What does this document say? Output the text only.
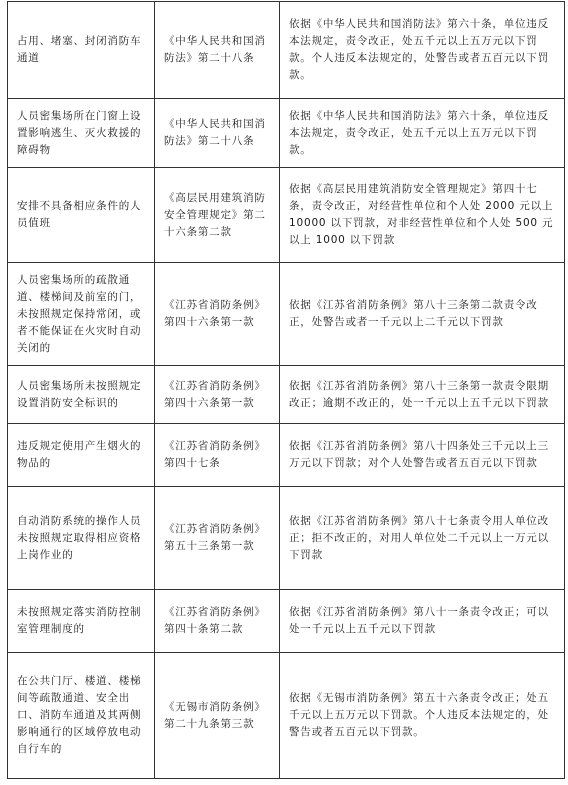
占用、堵塞、封闭消防车通道	《中华人民共和国消防法》第二十八条	依据《中华人民共和国消防法》第六十条，单位违反本法规定，责令改正，处五千元以上五万元以下罚款。个人违反本法规定的，处警告或者五百元以下罚款。
人员密集场所在门窗上设置影响逃生、灭火救援的障碍物	《中华人民共和国消防法》第二十八条	依据《中华人民共和国消防法》第六十条，单位违反本法规定，责令改正，处五千元以上五万元以下罚款。
安排不具备相应条件的人员值班	《高层民用建筑消防安全管理规定》第二十六条第二款	依据《高层民用建筑消防安全管理规定》第四十七条，责令改正，对经营性单位和个人处 2000 元以上 10000 以下罚款，对非经营性单位和个人处 500 元以上 1000 以下罚款
人员密集场所的疏散通道、楼梯间及前室的门，未按照规定保持常闭，或者不能保证在火灾时自动关闭的	《江苏省消防条例》第四十六条第一款	依据《江苏省消防条例》第八十三条第二款责令改正，处警告或者一千元以上二千元以下罚款
人员密集场所未按照规定设置消防安全标识的	《江苏省消防条例》第四十六条第一款	依据《江苏省消防条例》第八十三条第一款责令限期改正；逾期不改正的，处一千元以上五千元以下罚款
违反规定使用产生烟火的物品的	《江苏省消防条例》第四十七条	依据《江苏省消防条例》第八十四条处三千元以上三万元以下罚款；对个人处警告或者五百元以下罚款
自动消防系统的操作人员未按照规定取得相应资格上岗作业的	《江苏省消防条例》第五十三条第一款	依据《江苏省消防条例》第八十七条责令用人单位改正；拒不改正的，对用人单位处二千元以上一万元以下罚款
未按照规定落实消防控制室管理制度的	《江苏省消防条例》第四十条第二款	依据《江苏省消防条例》第八十一条责令改正；可以处一千元以上五千元以下罚款
在公共门厅、楼道、楼梯间等疏散通道、安全出口、消防车通道及其两侧影响通行的区域停放电动自行车的	《无锡市消防条例》第二十九条第三款	依据《无锡市消防条例》第五十六条责令改正；处五千元以上五万元以下罚款。个人违反本法规定的，处警告或者五百元以下罚款。
